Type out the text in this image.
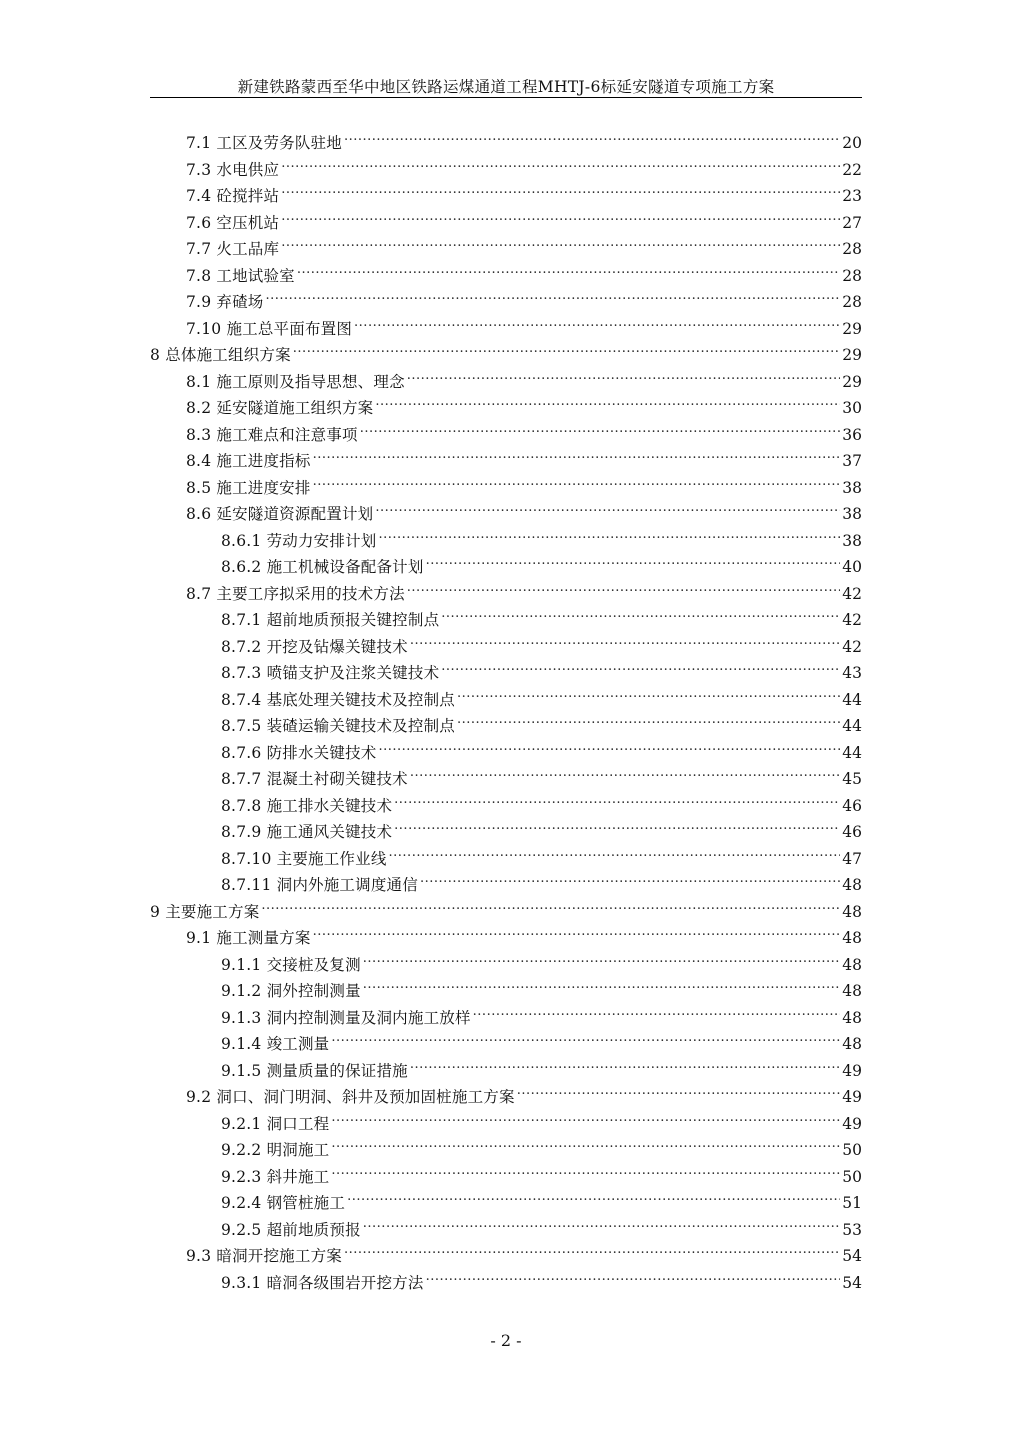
新建铁路蒙西至华中地区铁路运煤通道工程MHTJ-6标延安隧道专项施工方案
7.1 工区及劳务队驻地 .....	20
7.3 水电供应 .....	22
7.4 砼搅拌站 .....	23
7.6 空压机站 .....	27
7.7 火工品库 .....	28
7.8 工地试验室 .....	28
7.9 弃碴场 .....	28
7.10 施工总平面布置图 .....	29
8 总体施工组织方案 .....	29
8.1 施工原则及指导思想、理念 .....	29
8.2 延安隧道施工组织方案 .....	30
8.3 施工难点和注意事项 .....	36
8.4 施工进度指标 .....	37
8.5 施工进度安排 .....	38
8.6 延安隧道资源配置计划 .....	38
8.6.1 劳动力安排计划 .....	38
8.6.2 施工机械设备配备计划 .....	40
8.7 主要工序拟采用的技术方法 .....	42
8.7.1 超前地质预报关键控制点 .....	42
8.7.2 开挖及钻爆关键技术 .....	42
8.7.3 喷锚支护及注浆关键技术 .....	43
8.7.4 基底处理关键技术及控制点 .....	44
8.7.5 装碴运输关键技术及控制点 .....	44
8.7.6 防排水关键技术 .....	44
8.7.7 混凝土衬砌关键技术 .....	45
8.7.8 施工排水关键技术 .....	46
8.7.9 施工通风关键技术 .....	46
8.7.10 主要施工作业线 .....	47
8.7.11 洞内外施工调度通信 .....	48
9 主要施工方案 .....	48
9.1 施工测量方案 .....	48
9.1.1 交接桩及复测 .....	48
9.1.2 洞外控制测量 .....	48
9.1.3 洞内控制测量及洞内施工放样 .....	48
9.1.4 竣工测量 .....	48
9.1.5 测量质量的保证措施 .....	49
9.2 洞口、洞门明洞、斜井及预加固桩施工方案 .....	49
9.2.1 洞口工程 .....	49
9.2.2 明洞施工 .....	50
9.2.3 斜井施工 .....	50
9.2.4 钢管桩施工 .....	51
9.2.5 超前地质预报 .....	53
9.3 暗洞开挖施工方案 .....	54
9.3.1 暗洞各级围岩开挖方法 .....	54
- 2 -
